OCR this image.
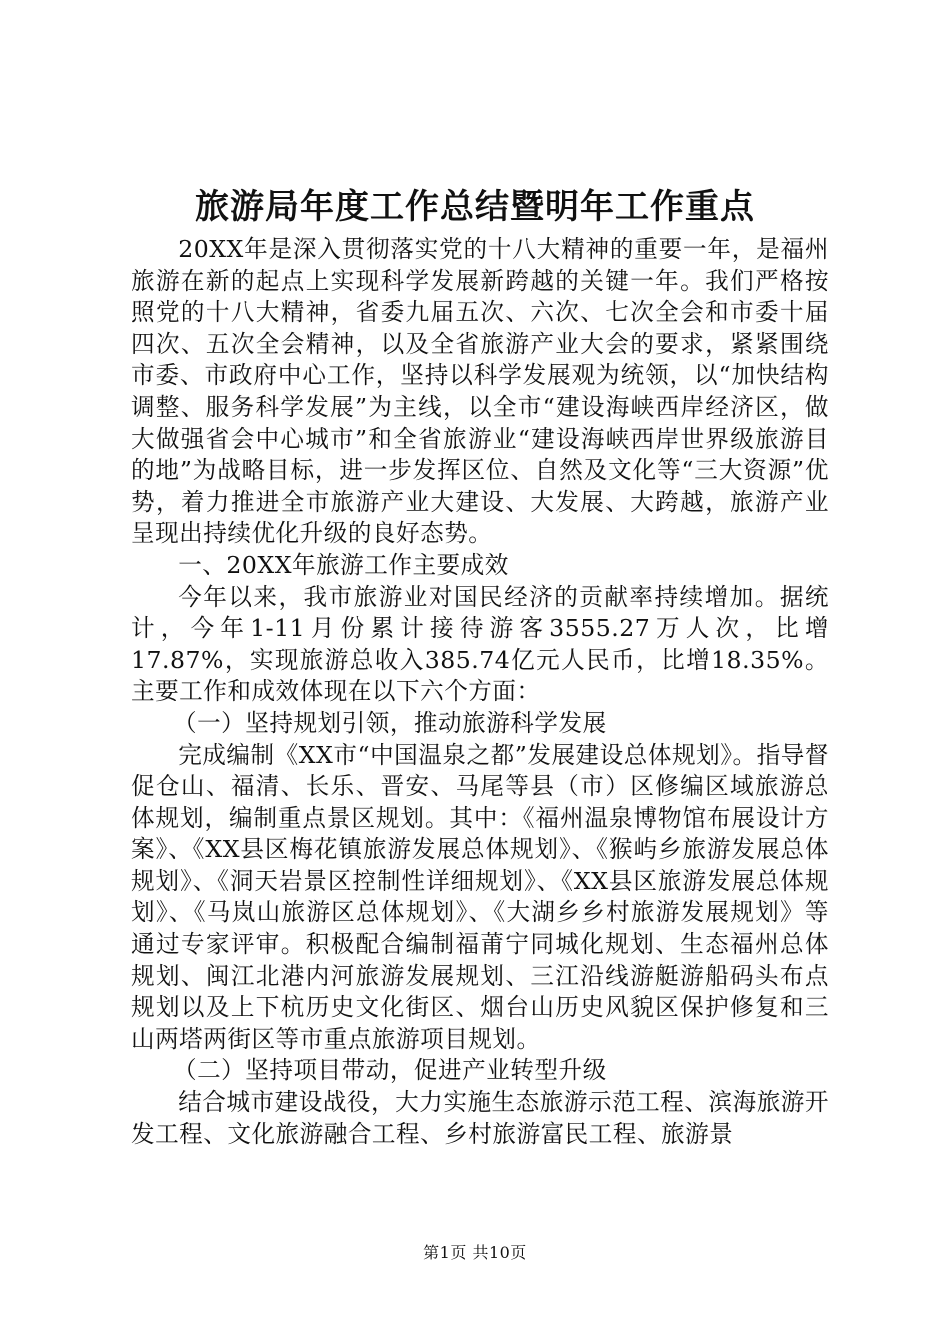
旅游局年度工作总结暨明年工作重点

20XX年是深入贯彻落实党的十八大精神的重要一年，是福州旅游在新的起点上实现科学发展新跨越的关键一年。我们严格按照党的十八大精神，省委九届五次、六次、七次全会和市委十届四次、五次全会精神，以及全省旅游产业大会的要求，紧紧围绕市委、市政府中心工作，坚持以科学发展观为统领，以“加快结构调整、服务科学发展”为主线，以全市“建设海峡西岸经济区，做大做强省会中心城市”和全省旅游业“建设海峡西岸世界级旅游目的地”为战略目标，进一步发挥区位、自然及文化等“三大资源”优势，着力推进全市旅游产业大建设、大发展、大跨越，旅游产业呈现出持续优化升级的良好态势。

一、20XX年旅游工作主要成效

今年以来，我市旅游业对国民经济的贡献率持续增加。据统计，今年1-11月份累计接待游客3555.27万人次，比增17.87%，实现旅游总收入385.74亿元人民币，比增18.35%。主要工作和成效体现在以下六个方面：

（一）坚持规划引领，推动旅游科学发展

完成编制《XX市“中国温泉之都”发展建设总体规划》。指导督促仓山、福清、长乐、晋安、马尾等县（市）区修编区域旅游总体规划，编制重点景区规划。其中：《福州温泉博物馆布展设计方案》、《XX县区梅花镇旅游发展总体规划》、《猴屿乡旅游发展总体规划》、《洞天岩景区控制性详细规划》、《XX县区旅游发展总体规划》、《马岚山旅游区总体规划》、《大湖乡乡村旅游发展规划》等通过专家评审。积极配合编制福莆宁同城化规划、生态福州总体规划、闽江北港内河旅游发展规划、三江沿线游艇游船码头布点规划以及上下杭历史文化街区、烟台山历史风貌区保护修复和三山两塔两街区等市重点旅游项目规划。

（二）坚持项目带动，促进产业转型升级

结合城市建设战役，大力实施生态旅游示范工程、滨海旅游开发工程、文化旅游融合工程、乡村旅游富民工程、旅游景

第1页 共10页
